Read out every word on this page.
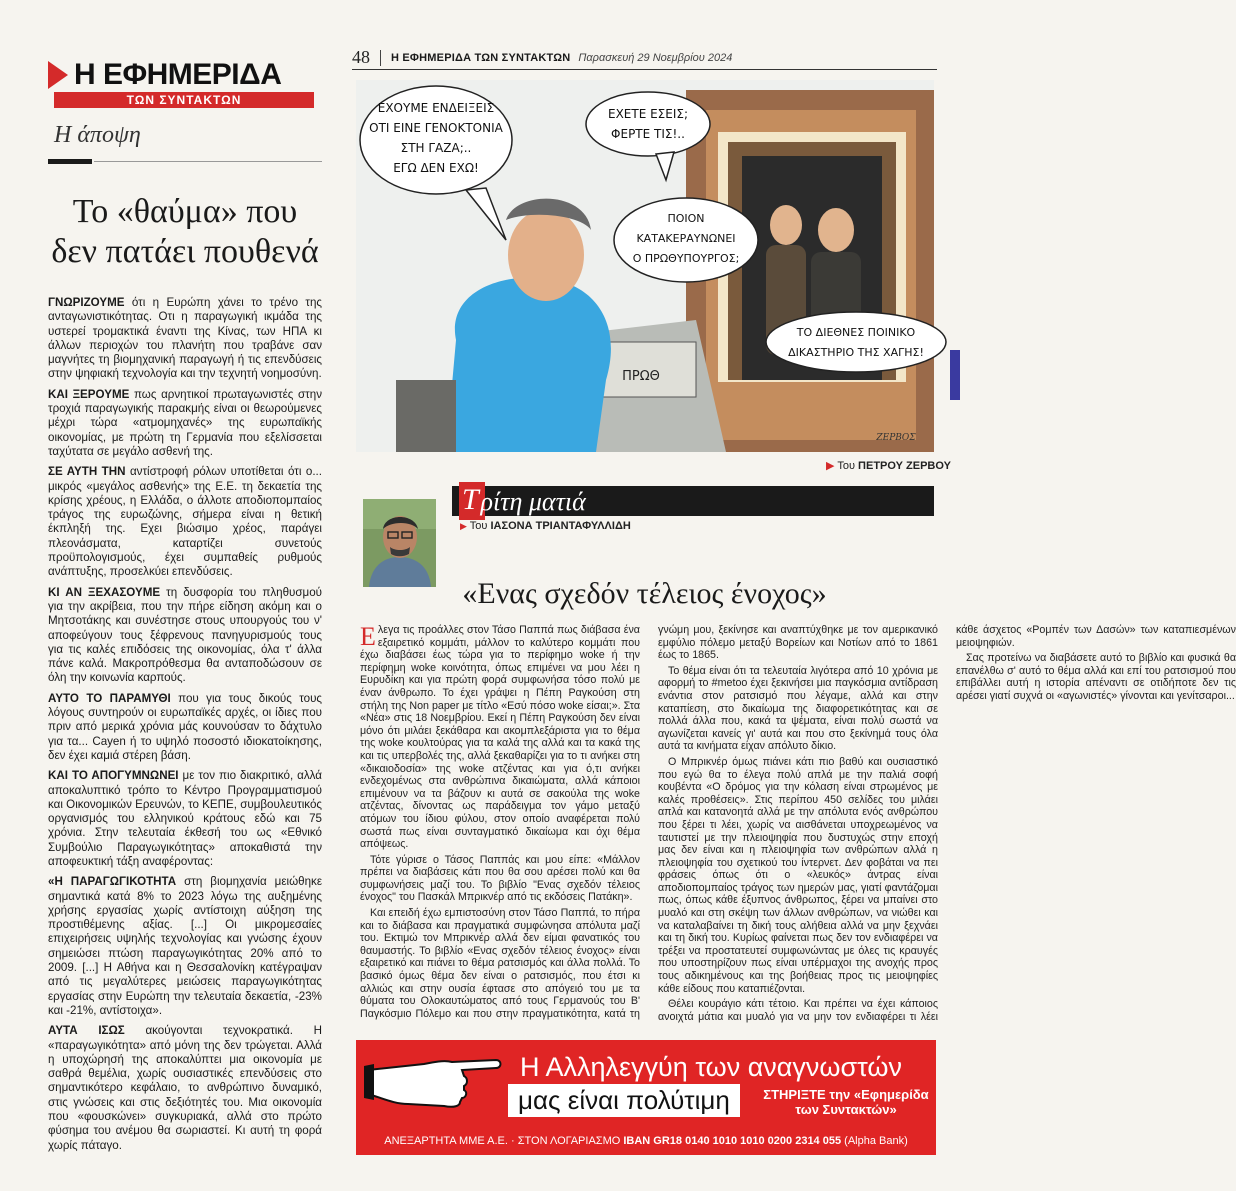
Η ΕΦΗΜΕΡΙΔΑ
ΤΩΝ ΣΥΝΤΑΚΤΩΝ
Η άποψη
Το «θαύμα» που δεν πατάει πουθενά

ΓΝΩΡΙΖΟΥΜΕ ότι η Ευρώπη χάνει το τρένο της ανταγωνιστικότητας. Οτι η παραγωγική ικμάδα της υστερεί τρομακτικά έναντι της Κίνας, των ΗΠΑ κι άλλων περιοχών του πλανήτη που τραβάνε σαν μαγνήτες τη βιομηχανική παραγωγή ή τις επενδύσεις στην ψηφιακή τεχνολογία και την τεχνητή νοημοσύνη.

ΚΑΙ ΞΕΡΟΥΜΕ πως αρνητικοί πρωταγωνιστές στην τροχιά παραγωγικής παρακμής είναι οι θεωρούμενες μέχρι τώρα «ατμομηχανές» της ευρωπαϊκής οικονομίας, με πρώτη τη Γερμανία που εξελίσσεται ταχύτατα σε μεγάλο ασθενή της.

ΣΕ ΑΥΤΗ ΤΗΝ αντίστροφή ρόλων υποτίθεται ότι ο... μικρός «μεγάλος ασθενής» της Ε.Ε. τη δεκαετία της κρίσης χρέους, η Ελλάδα, ο άλλοτε αποδιοπομπαίος τράγος της ευρωζώνης, σήμερα είναι η θετική έκπληξή της. Εχει βιώσιμο χρέος, παράγει πλεονάσματα, καταρτίζει συνετούς προϋπολογισμούς, έχει συμπαθείς ρυθμούς ανάπτυξης, προσελκύει επενδύσεις.

ΚΙ ΑΝ ΞΕΧΑΣΟΥΜΕ τη δυσφορία του πληθυσμού για την ακρίβεια, που την πήρε είδηση ακόμη και ο Μητσοτάκης και συνέστησε στους υπουργούς του ν' αποφεύγουν τους ξέφρενους πανηγυρισμούς τους για τις καλές επιδόσεις της οικονομίας, όλα τ' άλλα πάνε καλά. Μακροπρόθεσμα θα ανταποδώσουν σε όλη την κοινωνία καρπούς.

ΑΥΤΟ ΤΟ ΠΑΡΑΜΥΘΙ που για τους δικούς τους λόγους συντηρούν οι ευρωπαϊκές αρχές, οι ίδιες που πριν από μερικά χρόνια μάς κουνούσαν το δάχτυλο για τα... Cayen ή το υψηλό ποσοστό ιδιοκατοίκησης, δεν έχει καμιά στέρεη βάση.

ΚΑΙ ΤΟ ΑΠΟΓΥΜΝΩΝΕΙ με τον πιο διακριτικό, αλλά αποκαλυπτικό τρόπο το Κέντρο Προγραμματισμού και Οικονομικών Ερευνών, το ΚΕΠΕ, συμβουλευτικός οργανισμός του ελληνικού κράτους εδώ και 75 χρόνια. Στην τελευταία έκθεσή του ως «Εθνικό Συμβούλιο Παραγωγικότητας» αποκαθιστά την αποφευκτική τάξη αναφέροντας:

«Η ΠΑΡΑΓΩΓΙΚΟΤΗΤΑ στη βιομηχανία μειώθηκε σημαντικά κατά 8% το 2023 λόγω της αυξημένης χρήσης εργασίας χωρίς αντίστοιχη αύξηση της προστιθέμενης αξίας. [...] Οι μικρομεσαίες επιχειρήσεις υψηλής τεχνολογίας και γνώσης έχουν σημειώσει πτώση παραγωγικότητας 20% από το 2009. [...] Η Αθήνα και η Θεσσαλονίκη κατέγραψαν από τις μεγαλύτερες μειώσεις παραγωγικότητας εργασίας στην Ευρώπη την τελευταία δεκαετία, -23% και -21%, αντίστοιχα».

ΑΥΤΑ ΙΣΩΣ ακούγονται τεχνοκρατικά. Η «παραγωγικότητα» από μόνη της δεν τρώγεται. Αλλά η υποχώρησή της αποκαλύπτει μια οικονομία με σαθρά θεμέλια, χωρίς ουσιαστικές επενδύσεις στο σημαντικότερο κεφάλαιο, το ανθρώπινο δυναμικό, στις γνώσεις και στις δεξιότητές του. Μια οικονομία που «φουσκώνει» συγκυριακά, αλλά στο πρώτο φύσημα του ανέμου θα σωριαστεί. Κι αυτή τη φορά χωρίς πάταγο.

48 Η ΕΦΗΜΕΡΙΔΑ ΤΩΝ ΣΥΝΤΑΚΤΩΝ Παρασκευή 29 Νοεμβρίου 2024
ΕΧΟΥΜΕ ΕΝΔΕΙΞΕΙΣ
ΟΤΙ ΕΙΝΕ ΓΕΝΟΚΤΟΝΙΑ
ΣΤΗ ΓΑΖΑ;..
ΕΓΩ ΔΕΝ ΕΧΩ!
ΕΧΕΤΕ ΕΣΕΙΣ;
ΦΕΡΤΕ ΤΙΣ!..
ΠΟΙΟΝ
ΚΑΤΑΚΕΡΑΥΝΩΝΕΙ
Ο ΠΡΩΘΥΠΟΥΡΓΟΣ;
ΤΟ ΔΙΕΘΝΕΣ ΠΟΙΝΙΚΟ
ΔΙΚΑΣΤΗΡΙΟ ΤΗΣ ΧΑΓΗΣ!
ΠΡΩΘ
ΖΕΡΒΟΣ
▶ Του ΠΕΤΡΟΥ ΖΕΡΒΟΥ
Τ ρίτη ματιά
▶ Του ΙΑΣΟΝΑ ΤΡΙΑΝΤΑΦΥΛΛΙΔΗ
«Ενας σχεδόν τέλειος ένοχος»

Ελεγα τις προάλλες στον Τάσο Παππά πως διάβασα ένα εξαιρετικό κομμάτι, μάλλον το καλύτερο κομμάτι που έχω διαβάσει έως τώρα για το περίφημο woke ή την περίφημη woke κοινότητα, όπως επιμένει να μου λέει η Ευρυδίκη και για πρώτη φορά συμφωνήσα τόσο πολύ με έναν άνθρωπο. Το έχει γράψει η Πέπη Ραγκούση στη στήλη της Non paper με τίτλο «Εσύ πόσο woke είσαι;». Στα «Νέα» στις 18 Νοεμβρίου. Εκεί η Πέπη Ραγκούση δεν είναι μόνο ότι μιλάει ξεκάθαρα και ακομπλεξάριστα για το θέμα της woke κουλτούρας για τα καλά της αλλά και τα κακά της και τις υπερβολές της, αλλά ξεκαθαρίζει για το τι ανήκει στη «δικαιοδοσία» της woke ατζέντας και για ό,τι ανήκει ενδεχομένως στα ανθρώπινα δικαιώματα, αλλά κάποιοι επιμένουν να τα βάζουν κι αυτά σε σακούλα της woke ατζέντας, δίνοντας ως παράδειγμα τον γάμο μεταξύ ατόμων του ίδιου φύλου, στον οποίο αναφέρεται πολύ σωστά πως είναι συνταγματικό δικαίωμα και όχι θέμα απόψεως.

Τότε γύρισε ο Τάσος Παππάς και μου είπε: «Μάλλον πρέπει να διαβάσεις κάτι που θα σου αρέσει πολύ και θα συμφωνήσεις μαζί του. Το βιβλίο "Ενας σχεδόν τέλειος ένοχος" του Πασκάλ Μπρικνέρ από τις εκδόσεις Πατάκη».

Και επειδή έχω εμπιστοσύνη στον Τάσο Παππά, το πήρα και το διάβασα και πραγματικά συμφώνησα απόλυτα μαζί του. Εκτιμώ τον Μπρικνέρ αλλά δεν είμαι φανατικός του θαυμαστής. Το βιβλίο «Ενας σχεδόν τέλειος ένοχος» είναι εξαιρετικό και πιάνει το θέμα ρατσισμός και άλλα πολλά. Το βασικό όμως θέμα δεν είναι ο ρατσισμός, που έτσι κι αλλιώς και στην ουσία έφτασε στο απόγειό του με τα θύματα του Ολοκαυτώματος από τους Γερμανούς του Β' Παγκόσμιο Πόλεμο και που στην πραγματικότητα, κατά τη γνώμη μου, ξεκίνησε και αναπτύχθηκε με τον αμερικανικό εμφύλιο πόλεμο μεταξύ Βορείων και Νοτίων από το 1861 έως το 1865.

Το θέμα είναι ότι τα τελευταία λιγότερα από 10 χρόνια με αφορμή το #metoo έχει ξεκινήσει μια παγκόσμια αντίδραση ενάντια στον ρατσισμό που λέγαμε, αλλά και στην καταπίεση, στο δικαίωμα της διαφορετικότητας και σε πολλά άλλα που, κακά τα ψέματα, είναι πολύ σωστά να αγωνίζεται κανείς γι' αυτά και που στο ξεκίνημά τους όλα αυτά τα κινήματα είχαν απόλυτο δίκιο.

Ο Μπρικνέρ όμως πιάνει κάτι πιο βαθύ και ουσιαστικό που εγώ θα το έλεγα πολύ απλά με την παλιά σοφή κουβέντα «Ο δρόμος για την κόλαση είναι στρωμένος με καλές προθέσεις». Στις περίπου 450 σελίδες του μιλάει απλά και κατανοητά αλλά με την απόλυτα ενός ανθρώπου που ξέρει τι λέει, χωρίς να αισθάνεται υποχρεωμένος να ταυτιστεί με την πλειοψηφία που δυστυχώς στην εποχή μας δεν είναι και η πλειοψηφία των ανθρώπων αλλά η πλειοψηφία του σχετικού του ίντερνετ. Δεν φοβάται να πει φράσεις όπως ότι ο «λευκός» άντρας είναι αποδιοπομπαίος τράγος των ημερών μας, γιατί φαντάζομαι πως, όπως κάθε έξυπνος άνθρωπος, ξέρει να μπαίνει στο μυαλό και στη σκέψη των άλλων ανθρώπων, να νιώθει και να καταλαβαίνει τη δική τους αλήθεια αλλά να μην ξεχνάει και τη δική του. Κυρίως φαίνεται πως δεν τον ενδιαφέρει να τρέξει να προστατευτεί συμφωνώντας με όλες τις κραυγές που υποστηρίζουν πως είναι υπέρμαχοι της ανοχής προς τους αδικημένους και της βοήθειας προς τις μειοψηφίες κάθε είδους που καταπιέζονται.

Θέλει κουράγιο κάτι τέτοιο. Και πρέπει να έχει κάποιος ανοιχτά μάτια και μυαλό για να μην τον ενδιαφέρει τι λέει κάθε άσχετος «Ρομπέν των Δασών» των καταπιεσμένων μειοψηφιών.

Σας προτείνω να διαβάσετε αυτό το βιβλίο και φυσικά θα επανέλθω σ' αυτό το θέμα αλλά και επί του ρατσισμού που επιβάλλει αυτή η ιστορία απέναντι σε οτιδήποτε δεν τις αρέσει γιατί συχνά οι «αγωνιστές» γίνονται και γενίτσαροι...

Η Αλληλεγγύη των αναγνωστών
μας είναι πολύτιμη	ΣΤΗΡΙΞΤΕ την «Εφημερίδα
των Συντακτών»
ΑΝΕΞΑΡΤΗΤΑ ΜΜΕ Α.Ε. · ΣΤΟΝ ΛΟΓΑΡΙΑΣΜΟ IBAN GR18 0140 1010 1010 0200 2314 055 (Alpha Bank)
